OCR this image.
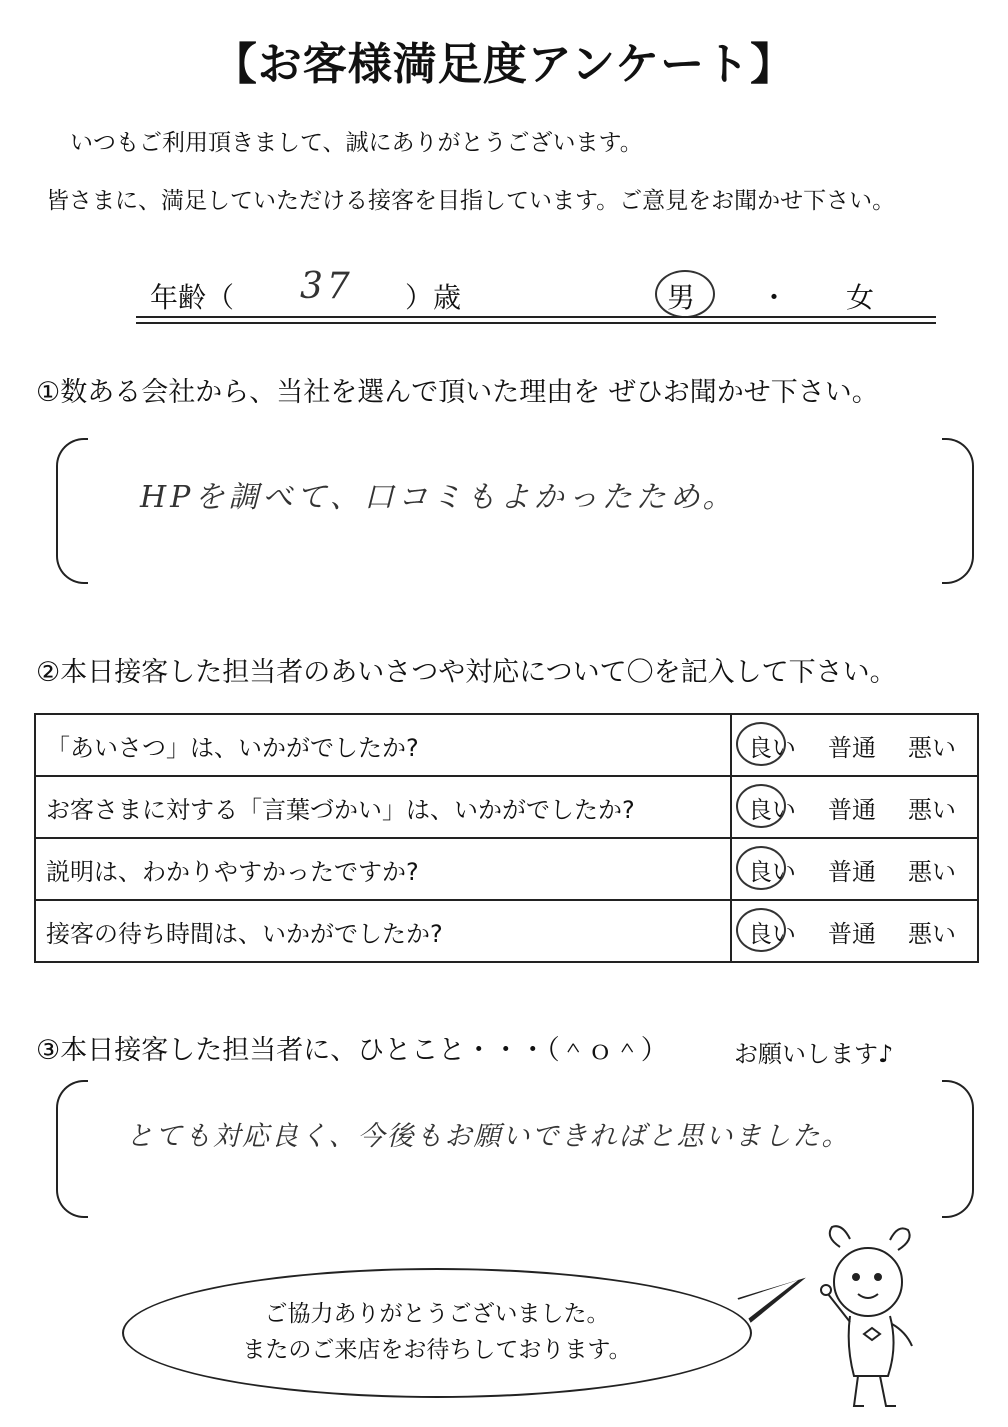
【お客様満足度アンケート】
いつもご利用頂きまして、誠にありがとうございます。
皆さまに、満足していただける接客を目指しています。ご意見をお聞かせ下さい。
年齢（ 37 ）歳	男 ・ 女
①数ある会社から、当社を選んで頂いた理由を ぜひお聞かせ下さい。
HPを調べて、口コミもよかったため。
②本日接客した担当者のあいさつや対応について〇を記入して下さい。
「あいさつ」は、いかがでしたか?	良い 普通 悪い
お客さまに対する「言葉づかい」は、いかがでしたか?	良い 普通 悪い
説明は、わかりやすかったですか?	良い 普通 悪い
接客の待ち時間は、いかがでしたか?	良い 普通 悪い
③本日接客した担当者に、ひとこと・・・（＾ｏ＾）	お願いします♪
とても対応良く、今後もお願いできればと思いました。
ご協力ありがとうございました。
またのご来店をお待ちしております。
